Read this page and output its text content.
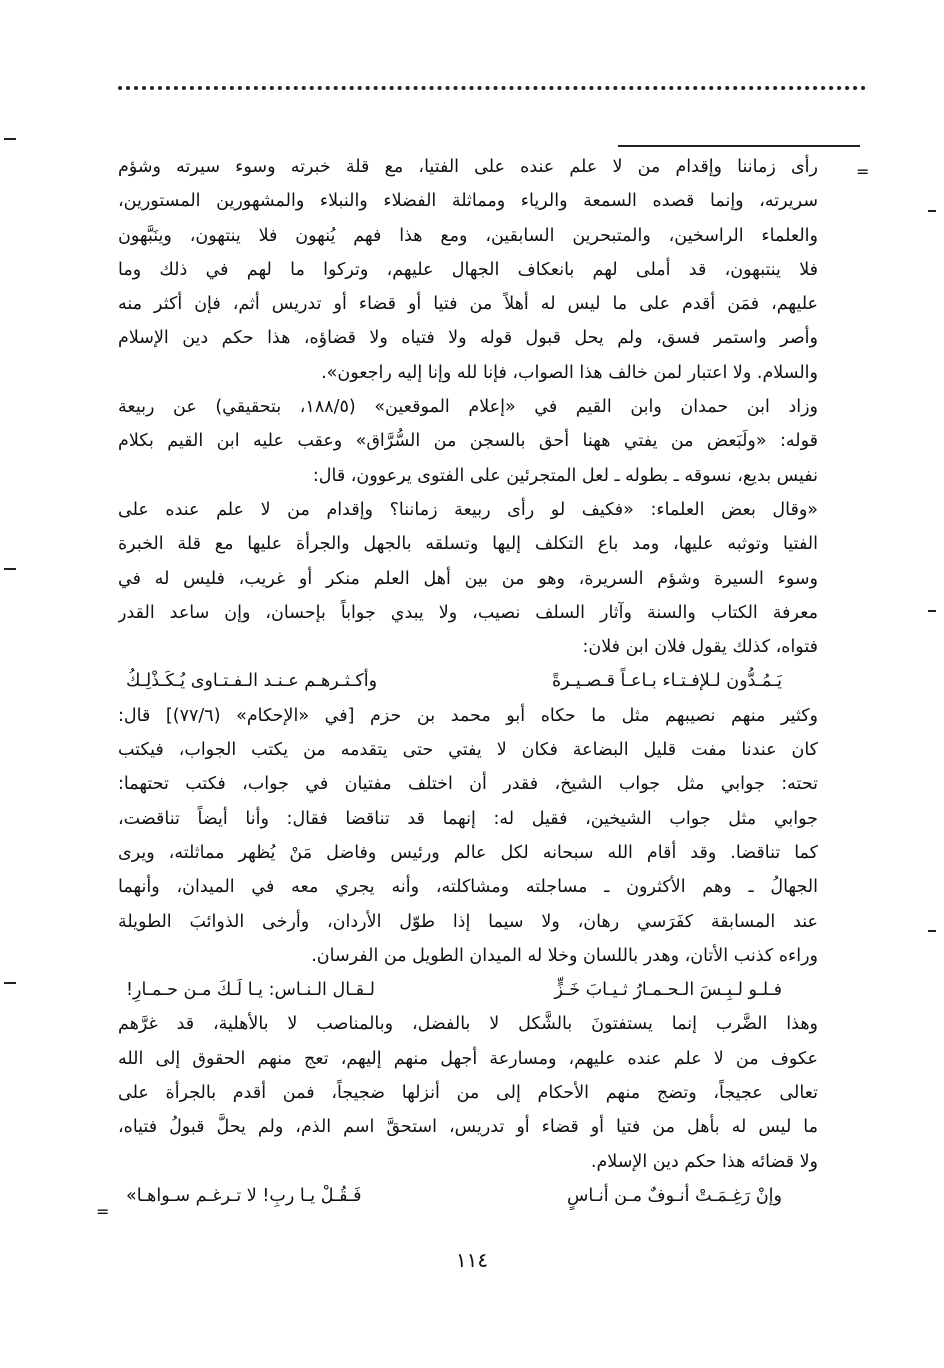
=
=
رأى زماننا وإقدام من لا علم عنده على الفتيا، مع قلة خبرته وسوء سيرته وشؤم
سريرته، وإنما قصده السمعة والرياء ومماثلة الفضلاء والنبلاء والمشهورين المستورين،
والعلماء الراسخين، والمتبحرين السابقين، ومع هذا فهم يُنهون فلا ينتهون، وينَبَّهون
فلا ينتبهون، قد أملى لهم بانعكاف الجهال عليهم، وتركوا ما لهم في ذلك وما
عليهم، فمَن أقدم على ما ليس له أهلاً من فتيا أو قضاء أو تدريس أثم، فإن أكثر منه
وأصر واستمر فسق، ولم يحل قبول قوله ولا فتياه ولا قضاؤه، هذا حكم دين الإسلام
والسلام. ولا اعتبار لمن خالف هذا الصواب، فإنا لله وإنا إليه راجعون».
وزاد ابن حمدان وابن القيم في «إعلام الموقعين» (١٨٨/٥، بتحقيقي) عن ربيعة
قوله: «ولَبَعض من يفتي ههنا أحق بالسجن من السُّرَّاق» وعقب عليه ابن القيم بكلام
نفيس بديع، نسوقه ـ بطوله ـ لعل المتجرئين على الفتوى يرعوون، قال:
«وقال بعض العلماء: «فكيف لو رأى ربيعة زماننا؟ وإقدام من لا علم عنده على
الفتيا وتوثبه عليها، ومد باع التكلف إليها وتسلقه بالجهل والجرأة عليها مع قلة الخبرة
وسوء السيرة وشؤم السريرة، وهو من بين أهل العلم منكر أو غريب، فليس له في
معرفة الكتاب والسنة وآثار السلف نصيب، ولا يبدي جواباً بإحسان، وإن ساعد القدر
فتواه، كذلك يقول فلان ابن فلان:
يَـمُـدُّون لـلإفـتـاء بـاعـاً قـصـيـرةً
وأكـثـرهـم عـنـد الـفـتـاوى يُـكَـذْلِـكُ
وكثير منهم نصيبهم مثل ما حكاه أبو محمد بن حزم [في «الإحكام» (٧٧/٦)] قال:
كان عندنا مفت قليل البضاعة فكان لا يفتي حتى يتقدمه من يكتب الجواب، فيكتب
تحته: جوابي مثل جواب الشيخ، فقدر أن اختلف مفتيان في جواب، فكتب تحتهما:
جوابي مثل جواب الشيخين، فقيل له: إنهما قد تناقضا فقال: وأنا أيضاً تناقضت،
كما تناقضا. وقد أقام الله سبحانه لكل عالم ورئيس وفاضل مَنْ يُظهر مماثلته، ويرى
الجهالُ ـ وهم الأكثرون ـ مساجلته ومشاكلته، وأنه يجري معه في الميدان، وأنهما
عند المسابقة كفَرَسي رهان، ولا سيما إذا طوّل الأردان، وأرخى الذوائبَ الطويلة
وراءه كذنب الأتان، وهدر باللسان وخلا له الميدان الطويل من الفرسان.
فـلـو لـبِـسَ الـحـمـارُ ثـيـابَ خَـزٍّ
لـقـال الـنـاس: يـا لَـكَ مـن حـمـارِ!
وهذا الضَّرب إنما يستفتونَ بالشَّكل لا بالفضل، وبالمناصب لا بالأهلية، قد غرَّهم
عكوف من لا علم عنده عليهم، ومسارعة أجهل منهم إليهم، تعج منهم الحقوق إلى الله
تعالى عجيجاً، وتضج منهم الأحكام إلى من أنزلها ضجيجاً، فمن أقدم بالجرأة على
ما ليس له بأهل من فتيا أو قضاء أو تدريس، استحقَّ اسم الذم، ولم يحلَّ قبولُ فتياه،
ولا قضائه هذا حكم دين الإسلام.
وإنْ رَغِـمَـتْ أنـوفٌ مـن أنـاسٍ
فَـقُـلْ يـا ربِ! لا تـرغـم سـواهـا»
١١٤
